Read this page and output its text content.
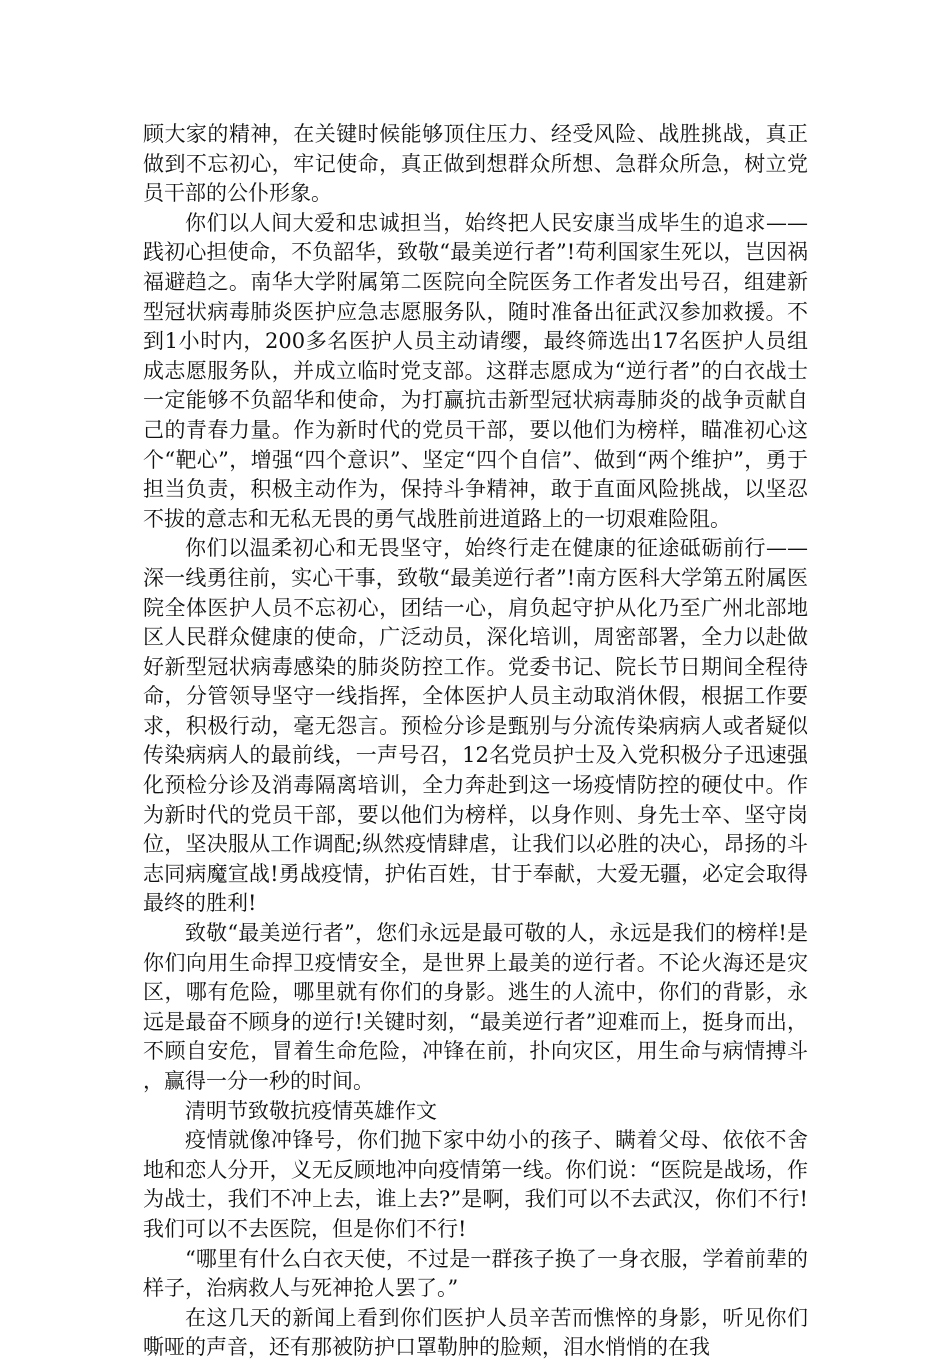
顾大家的精神，在关键时候能够顶住压力、经受风险、战胜挑战，真正做到不忘初心，牢记使命，真正做到想群众所想、急群众所急，树立党员干部的公仆形象。

你们以人间大爱和忠诚担当，始终把人民安康当成毕生的追求——践初心担使命，不负韶华，致敬“最美逆行者”!苟利国家生死以，岂因祸福避趋之。南华大学附属第二医院向全院医务工作者发出号召，组建新型冠状病毒肺炎医护应急志愿服务队，随时准备出征武汉参加救援。不到1小时内，200多名医护人员主动请缨，最终筛选出17名医护人员组成志愿服务队，并成立临时党支部。这群志愿成为“逆行者”的白衣战士一定能够不负韶华和使命，为打赢抗击新型冠状病毒肺炎的战争贡献自己的青春力量。作为新时代的党员干部，要以他们为榜样，瞄准初心这个“靶心”，增强“四个意识”、坚定“四个自信”、做到“两个维护”，勇于担当负责，积极主动作为，保持斗争精神，敢于直面风险挑战，以坚忍不拔的意志和无私无畏的勇气战胜前进道路上的一切艰难险阻。

你们以温柔初心和无畏坚守，始终行走在健康的征途砥砺前行——深一线勇往前，实心干事，致敬“最美逆行者”!南方医科大学第五附属医院全体医护人员不忘初心，团结一心，肩负起守护从化乃至广州北部地区人民群众健康的使命，广泛动员，深化培训，周密部署，全力以赴做好新型冠状病毒感染的肺炎防控工作。党委书记、院长节日期间全程待命，分管领导坚守一线指挥，全体医护人员主动取消休假，根据工作要求，积极行动，毫无怨言。预检分诊是甄别与分流传染病病人或者疑似传染病病人的最前线，一声号召，12名党员护士及入党积极分子迅速强化预检分诊及消毒隔离培训，全力奔赴到这一场疫情防控的硬仗中。作为新时代的党员干部，要以他们为榜样，以身作则、身先士卒、坚守岗位，坚决服从工作调配;纵然疫情肆虐，让我们以必胜的决心，昂扬的斗志同病魔宣战!勇战疫情，护佑百姓，甘于奉献，大爱无疆，必定会取得最终的胜利!

致敬“最美逆行者”，您们永远是最可敬的人，永远是我们的榜样!是你们向用生命捍卫疫情安全，是世界上最美的逆行者。不论火海还是灾区，哪有危险，哪里就有你们的身影。逃生的人流中，你们的背影，永远是最奋不顾身的逆行!关键时刻，“最美逆行者”迎难而上，挺身而出，不顾自安危，冒着生命危险，冲锋在前，扑向灾区，用生命与病情搏斗，赢得一分一秒的时间。

清明节致敬抗疫情英雄作文

疫情就像冲锋号，你们抛下家中幼小的孩子、瞒着父母、依依不舍地和恋人分开，义无反顾地冲向疫情第一线。你们说：“医院是战场，作为战士，我们不冲上去，谁上去?”是啊，我们可以不去武汉，你们不行!我们可以不去医院，但是你们不行!

“哪里有什么白衣天使，不过是一群孩子换了一身衣服，学着前辈的样子，治病救人与死神抢人罢了。”

在这几天的新闻上看到你们医护人员辛苦而憔悴的身影，听见你们嘶哑的声音，还有那被防护口罩勒肿的脸颊，泪水悄悄的在我
